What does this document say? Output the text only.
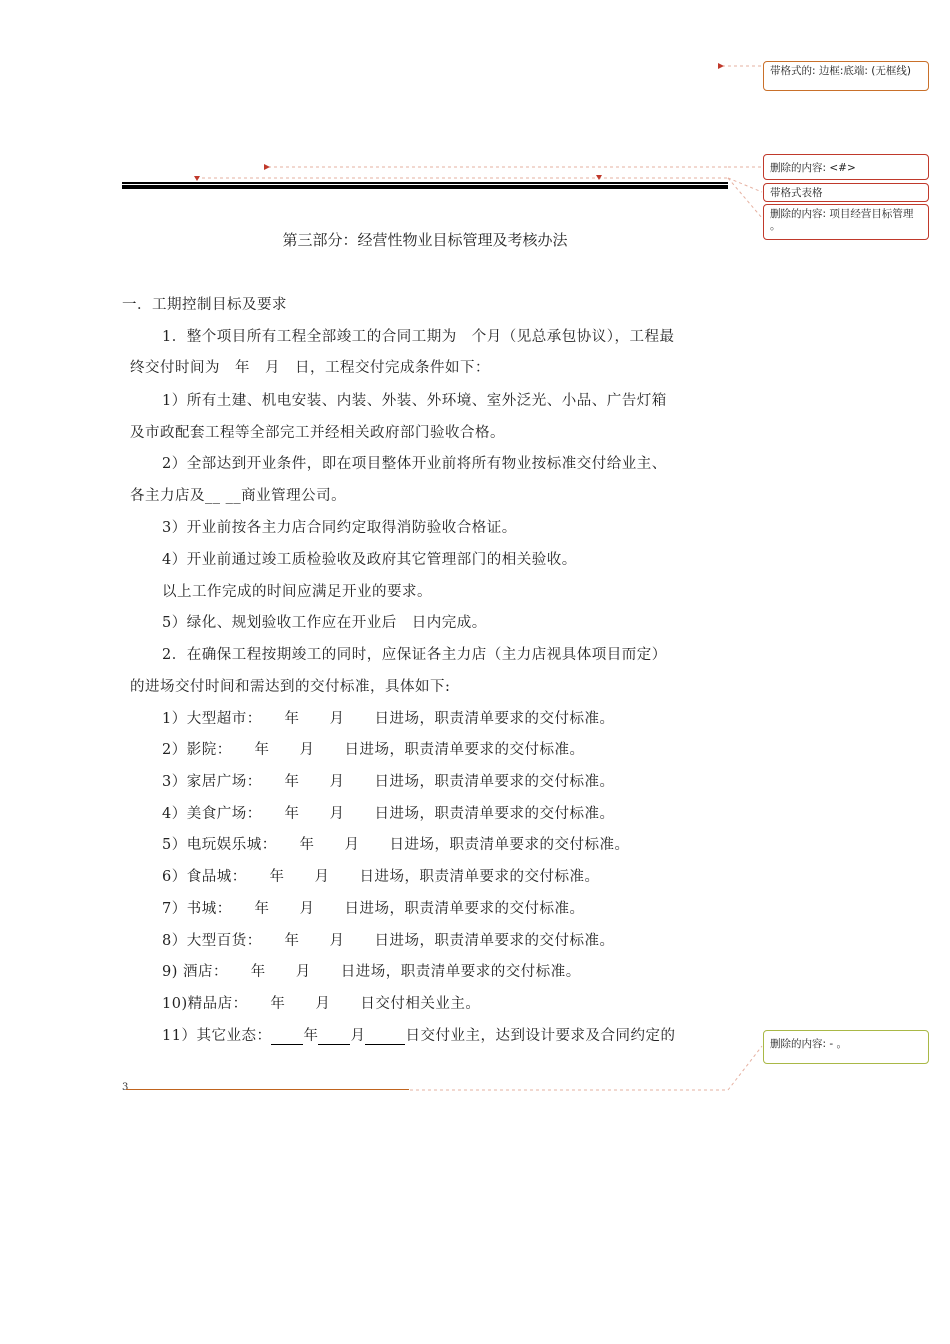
带格式的: 边框:底端: (无框线)
删除的内容: <#>
带格式表格
删除的内容: 项目经营目标管理 。
删除的内容: - 。
第三部分：经营性物业目标管理及考核办法
一．工期控制目标及要求
1．整个项目所有工程全部竣工的合同工期为　个月（见总承包协议），工程最
终交付时间为　年　月　日，工程交付完成条件如下：
1）所有土建、机电安装、内装、外装、外环境、室外泛光、小品、广告灯箱
及市政配套工程等全部完工并经相关政府部门验收合格。
2）全部达到开业条件，即在项目整体开业前将所有物业按标准交付给业主、
各主力店及__ __商业管理公司。
3）开业前按各主力店合同约定取得消防验收合格证。
4）开业前通过竣工质检验收及政府其它管理部门的相关验收。
以上工作完成的时间应满足开业的要求。
5）绿化、规划验收工作应在开业后　日内完成。
2．在确保工程按期竣工的同时，应保证各主力店（主力店视具体项目而定）
的进场交付时间和需达到的交付标准，具体如下:
1）大型超市：　　年　　月　　日进场，职责清单要求的交付标准。
2）影院：　　年　　月　　日进场，职责清单要求的交付标准。
3）家居广场：　　年　　月　　日进场，职责清单要求的交付标准。
4）美食广场：　　年　　月　　日进场，职责清单要求的交付标准。
5）电玩娱乐城：　　年　　月　　日进场，职责清单要求的交付标准。
6）食品城：　　年　　月　　日进场，职责清单要求的交付标准。
7）书城：　　年　　月　　日进场，职责清单要求的交付标准。
8）大型百货：　　年　　月　　日进场，职责清单要求的交付标准。
9) 酒店：　　年　　月　　日进场，职责清单要求的交付标准。
10)精品店：　　年　　月　　日交付相关业主。
11）其它业态： 年 月	日交付业主，达到设计要求及合同约定的
3
